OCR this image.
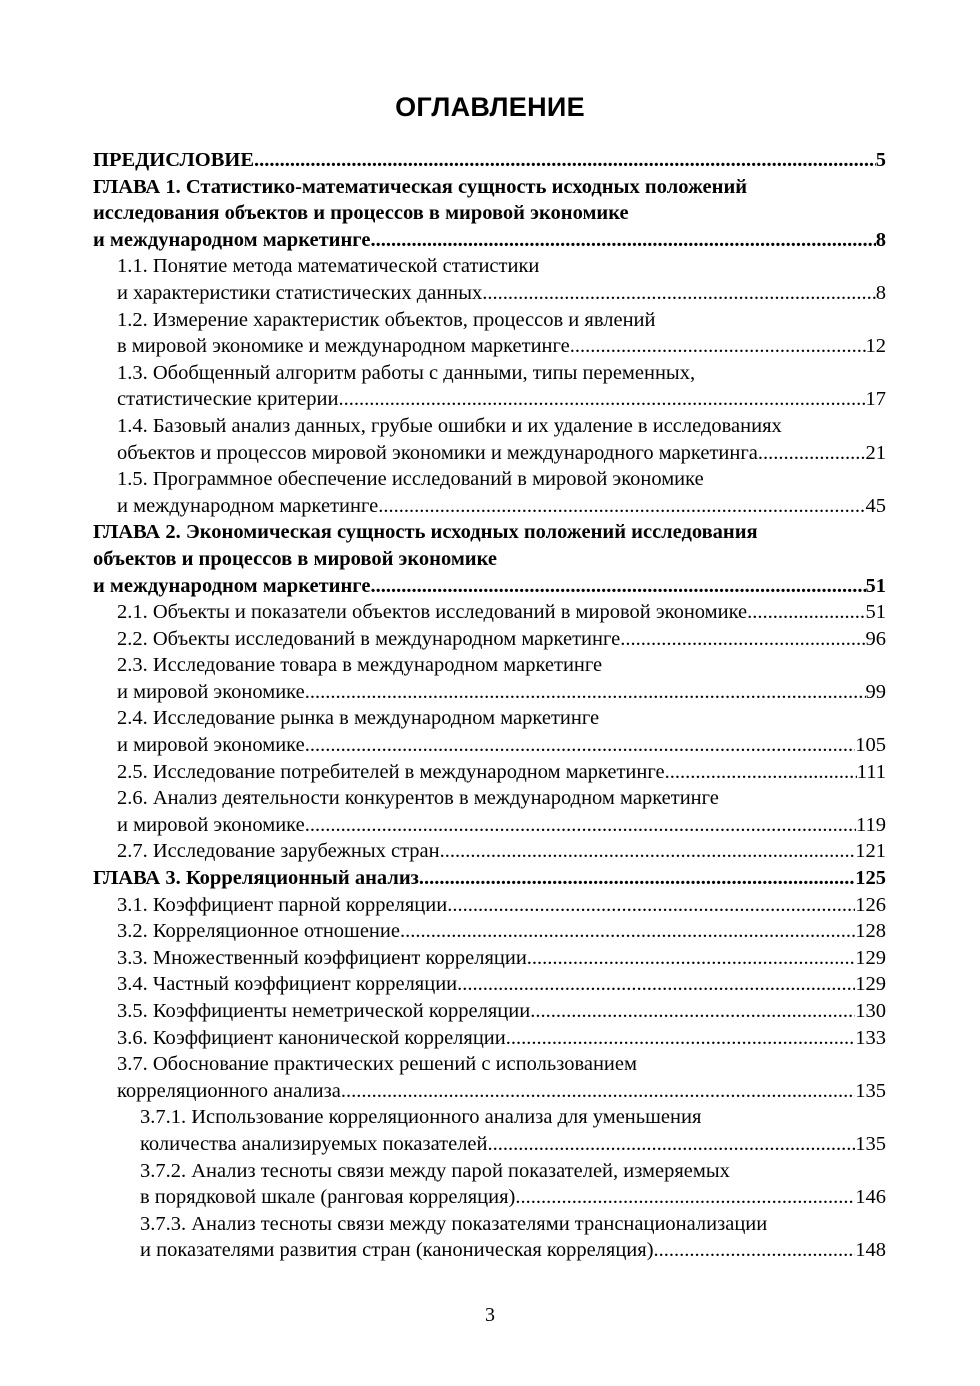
ОГЛАВЛЕНИЕ
ПРЕДИСЛОВИЕ .....	5
ГЛАВА 1. Статистико-математическая сущность исходных положений
исследования объектов и процессов в мировой экономике
и международном маркетинге .....	8
1.1. Понятие метода математической статистики
и характеристики статистических данных .....	8
1.2. Измерение характеристик объектов, процессов и явлений
в мировой экономике и международном маркетинге .....	12
1.3. Обобщенный алгоритм работы с данными, типы переменных,
статистические критерии .....	17
1.4. Базовый анализ данных, грубые ошибки и их удаление в исследованиях
объектов и процессов мировой экономики и международного маркетинга .....	21
1.5. Программное обеспечение исследований в мировой экономике
и международном маркетинге .....	45
ГЛАВА 2. Экономическая сущность исходных положений исследования
объектов и процессов в мировой экономике
и международном маркетинге .....	51
2.1. Объекты и показатели объектов исследований в мировой экономике .....	51
2.2. Объекты исследований в международном маркетинге .....	96
2.3. Исследование товара в международном маркетинге
и мировой экономике .....	99
2.4. Исследование рынка в международном маркетинге
и мировой экономике .....	105
2.5. Исследование потребителей в международном маркетинге .....	111
2.6. Анализ деятельности конкурентов в международном маркетинге
и мировой экономике .....	119
2.7. Исследование зарубежных стран .....	121
ГЛАВА 3. Корреляционный анализ .....	125
3.1. Коэффициент парной корреляции .....	126
3.2. Корреляционное отношение .....	128
3.3. Множественный коэффициент корреляции .....	129
3.4. Частный коэффициент корреляции .....	129
3.5. Коэффициенты неметрической корреляции .....	130
3.6. Коэффициент канонической корреляции .....	133
3.7. Обоснование практических решений с использованием
корреляционного анализа .....	135
3.7.1. Использование корреляционного анализа для уменьшения
количества анализируемых показателей .....	135
3.7.2. Анализ тесноты связи между парой показателей, измеряемых
в порядковой шкале (ранговая корреляция) .....	146
3.7.3. Анализ тесноты связи между показателями транснационализации
и показателями развития стран (каноническая корреляция) .....	148
3
